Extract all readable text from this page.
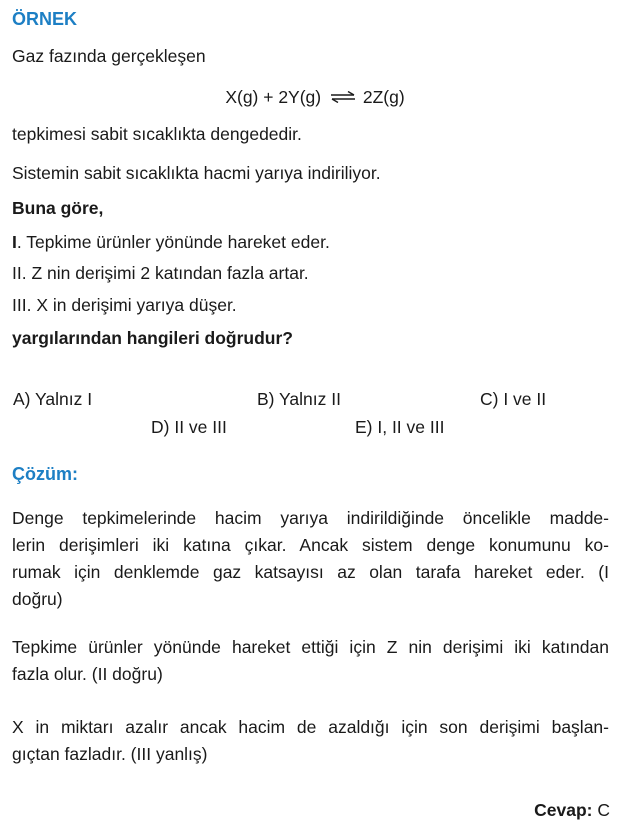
ÖRNEK
Gaz fazında gerçekleşen
X(g) + 2Y(g) ⇌ 2Z(g)
tepkimesi sabit sıcaklıkta dengededir.
Sistemin sabit sıcaklıkta hacmi yarıya indiriliyor.
Buna göre,
I. Tepkime ürünler yönünde hareket eder.
II. Z nin derişimi 2 katından fazla artar.
III. X in derişimi yarıya düşer.
yargılarından hangileri doğrudur?
A) Yalnız I	B) Yalnız II	C) I ve II
D) II ve III	E) I, II ve III
Çözüm:
Denge tepkimelerinde hacim yarıya indirildiğinde öncelikle madde-
lerin derişimleri iki katına çıkar. Ancak sistem denge konumunu ko-
rumak için denklemde gaz katsayısı az olan tarafa hareket eder. (I
doğru)
Tepkime ürünler yönünde hareket ettiği için Z nin derişimi iki katından
fazla olur. (II doğru)
X in miktarı azalır ancak hacim de azaldığı için son derişimi başlan-
gıçtan fazladır. (III yanlış)
Cevap: C
